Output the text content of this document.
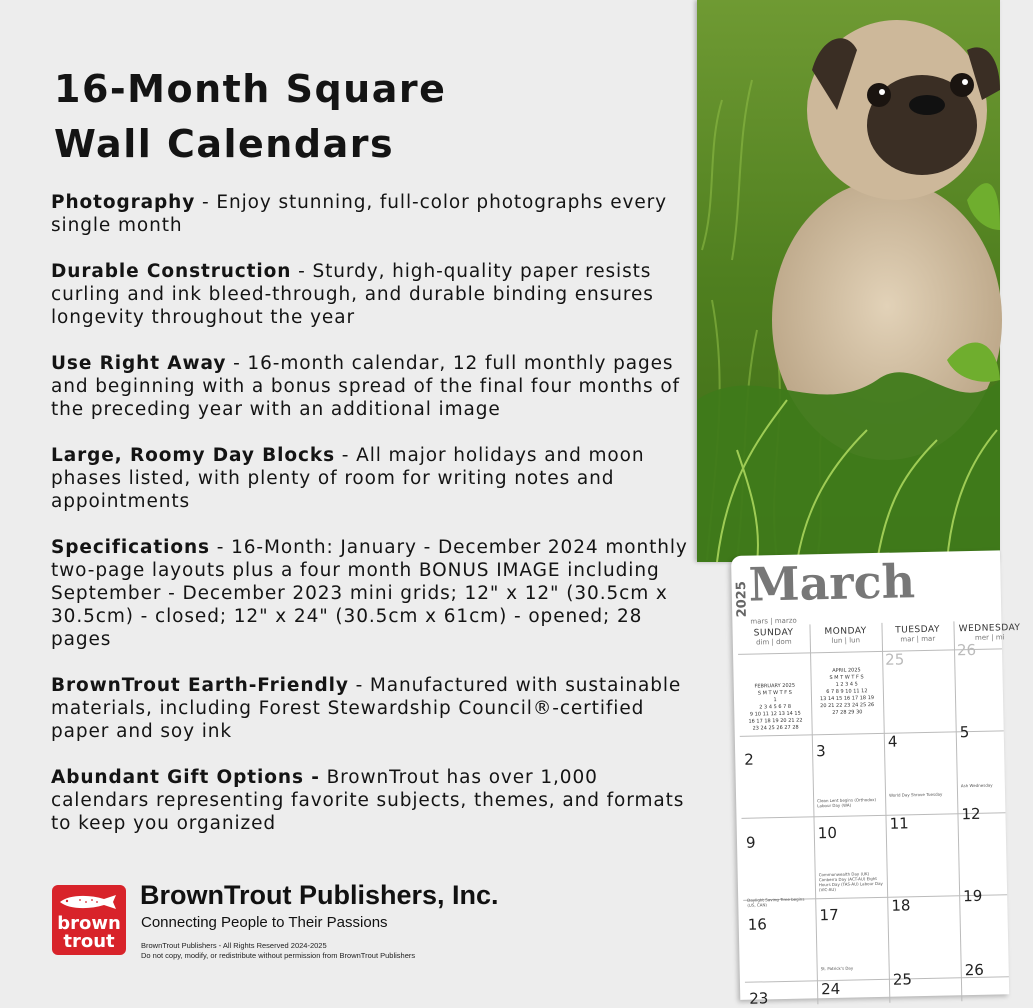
16-Month Square
Wall Calendars

Photography - Enjoy stunning, full-color photographs every single month

Durable Construction - Sturdy, high-quality paper resists curling and ink bleed-through, and durable binding ensures longevity throughout the year

Use Right Away - 16-month calendar, 12 full monthly pages and beginning with a bonus spread of the final four months of the preceding year with an additional image

Large, Roomy Day Blocks - All major holidays and moon phases listed, with plenty of room for writing notes and appointments

Specifications - 16-Month: January - December 2024 monthly two-page layouts plus a four month BONUS IMAGE including September - December 2023 mini grids; 12" x 12" (30.5cm x 30.5cm) - closed; 12" x 24" (30.5cm x 61cm) - opened; 28 pages

BrownTrout Earth-Friendly - Manufactured with sustainable materials, including Forest Stewardship Council®-certified paper and soy ink

Abundant Gift Options - BrownTrout has over 1,000 calendars representing favorite subjects, themes, and formats to keep you organized

brown
trout
BrownTrout Publishers, Inc.
Connecting People to Their Passions
BrownTrout Publishers - All Rights Reserved 2024-2025
Do not copy, modify, or redistribute without permission from BrownTrout Publishers
2025
March
mars | marzo
SUNDAY
dim | dom
MONDAY
lun | lun
TUESDAY
mar | mar
WEDNESDAY
mer | mi
FEBRUARY 2025
S M T W T F S
1
2 3 4 5 6 7 8
9 10 11 12 13 14 15
16 17 18 19 20 21 22
23 24 25 26 27 28
APRIL 2025
S M T W T F S
1 2 3 4 5
6 7 8 9 10 11 12
13 14 15 16 17 18 19
20 21 22 23 24 25 26
27 28 29 30
25
26
2	3
4
5
9
10
11
12
16
17
18
19
23
24
25
26
Clean Lent begins (Orthodox) Labour Day (WA)
World Day Shrove Tuesday
Ash Wednesday
Commonwealth Day (UK) Canberra Day (ACT-AU) Eight Hours Day (TAS-AU) Labour Day (VIC-AU)
Daylight Saving Time begins (US, CAN)
St. Patrick's Day
